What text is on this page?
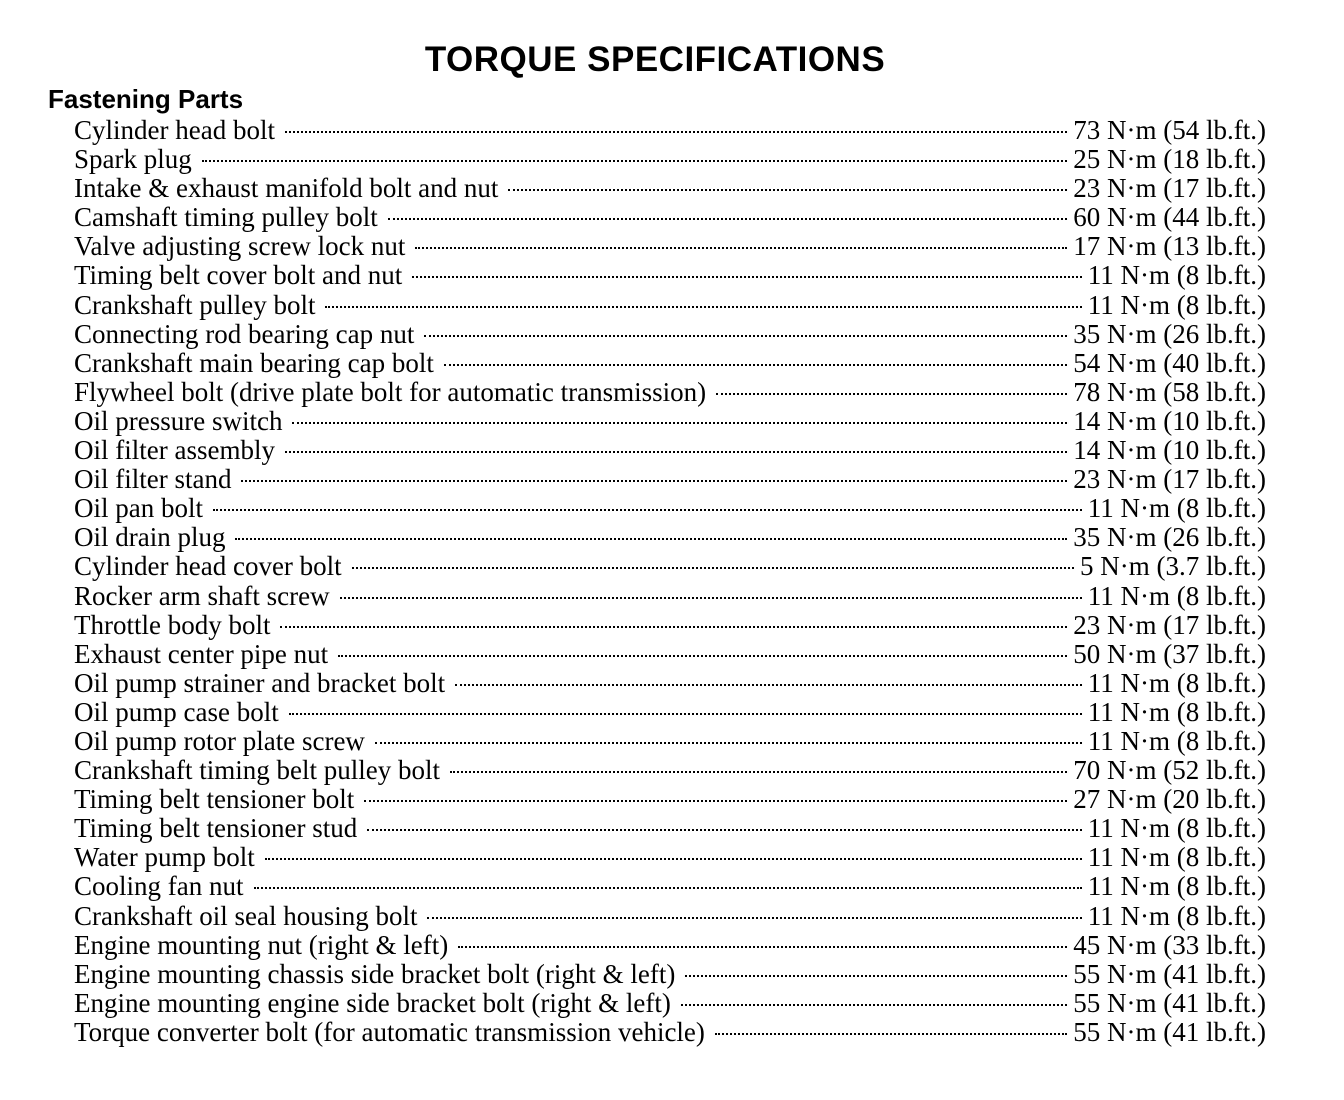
TORQUE SPECIFICATIONS
Fastening Parts
Cylinder head bolt	73 N·m (54 lb.ft.)
Spark plug	25 N·m (18 lb.ft.)
Intake & exhaust manifold bolt and nut	23 N·m (17 lb.ft.)
Camshaft timing pulley bolt	60 N·m (44 lb.ft.)
Valve adjusting screw lock nut	17 N·m (13 lb.ft.)
Timing belt cover bolt and nut	11 N·m (8 lb.ft.)
Crankshaft pulley bolt	11 N·m (8 lb.ft.)
Connecting rod bearing cap nut	35 N·m (26 lb.ft.)
Crankshaft main bearing cap bolt	54 N·m (40 lb.ft.)
Flywheel bolt (drive plate bolt for automatic transmission)	78 N·m (58 lb.ft.)
Oil pressure switch	14 N·m (10 lb.ft.)
Oil filter assembly	14 N·m (10 lb.ft.)
Oil filter stand	23 N·m (17 lb.ft.)
Oil pan bolt	11 N·m (8 lb.ft.)
Oil drain plug	35 N·m (26 lb.ft.)
Cylinder head cover bolt	5 N·m (3.7 lb.ft.)
Rocker arm shaft screw	11 N·m (8 lb.ft.)
Throttle body bolt	23 N·m (17 lb.ft.)
Exhaust center pipe nut	50 N·m (37 lb.ft.)
Oil pump strainer and bracket bolt	11 N·m (8 lb.ft.)
Oil pump case bolt	11 N·m (8 lb.ft.)
Oil pump rotor plate screw	11 N·m (8 lb.ft.)
Crankshaft timing belt pulley bolt	70 N·m (52 lb.ft.)
Timing belt tensioner bolt	27 N·m (20 lb.ft.)
Timing belt tensioner stud	11 N·m (8 lb.ft.)
Water pump bolt	11 N·m (8 lb.ft.)
Cooling fan nut	11 N·m (8 lb.ft.)
Crankshaft oil seal housing bolt	11 N·m (8 lb.ft.)
Engine mounting nut (right & left)	45 N·m (33 lb.ft.)
Engine mounting chassis side bracket bolt (right & left)	55 N·m (41 lb.ft.)
Engine mounting engine side bracket bolt (right & left)	55 N·m (41 lb.ft.)
Torque converter bolt (for automatic transmission vehicle)	55 N·m (41 lb.ft.)
